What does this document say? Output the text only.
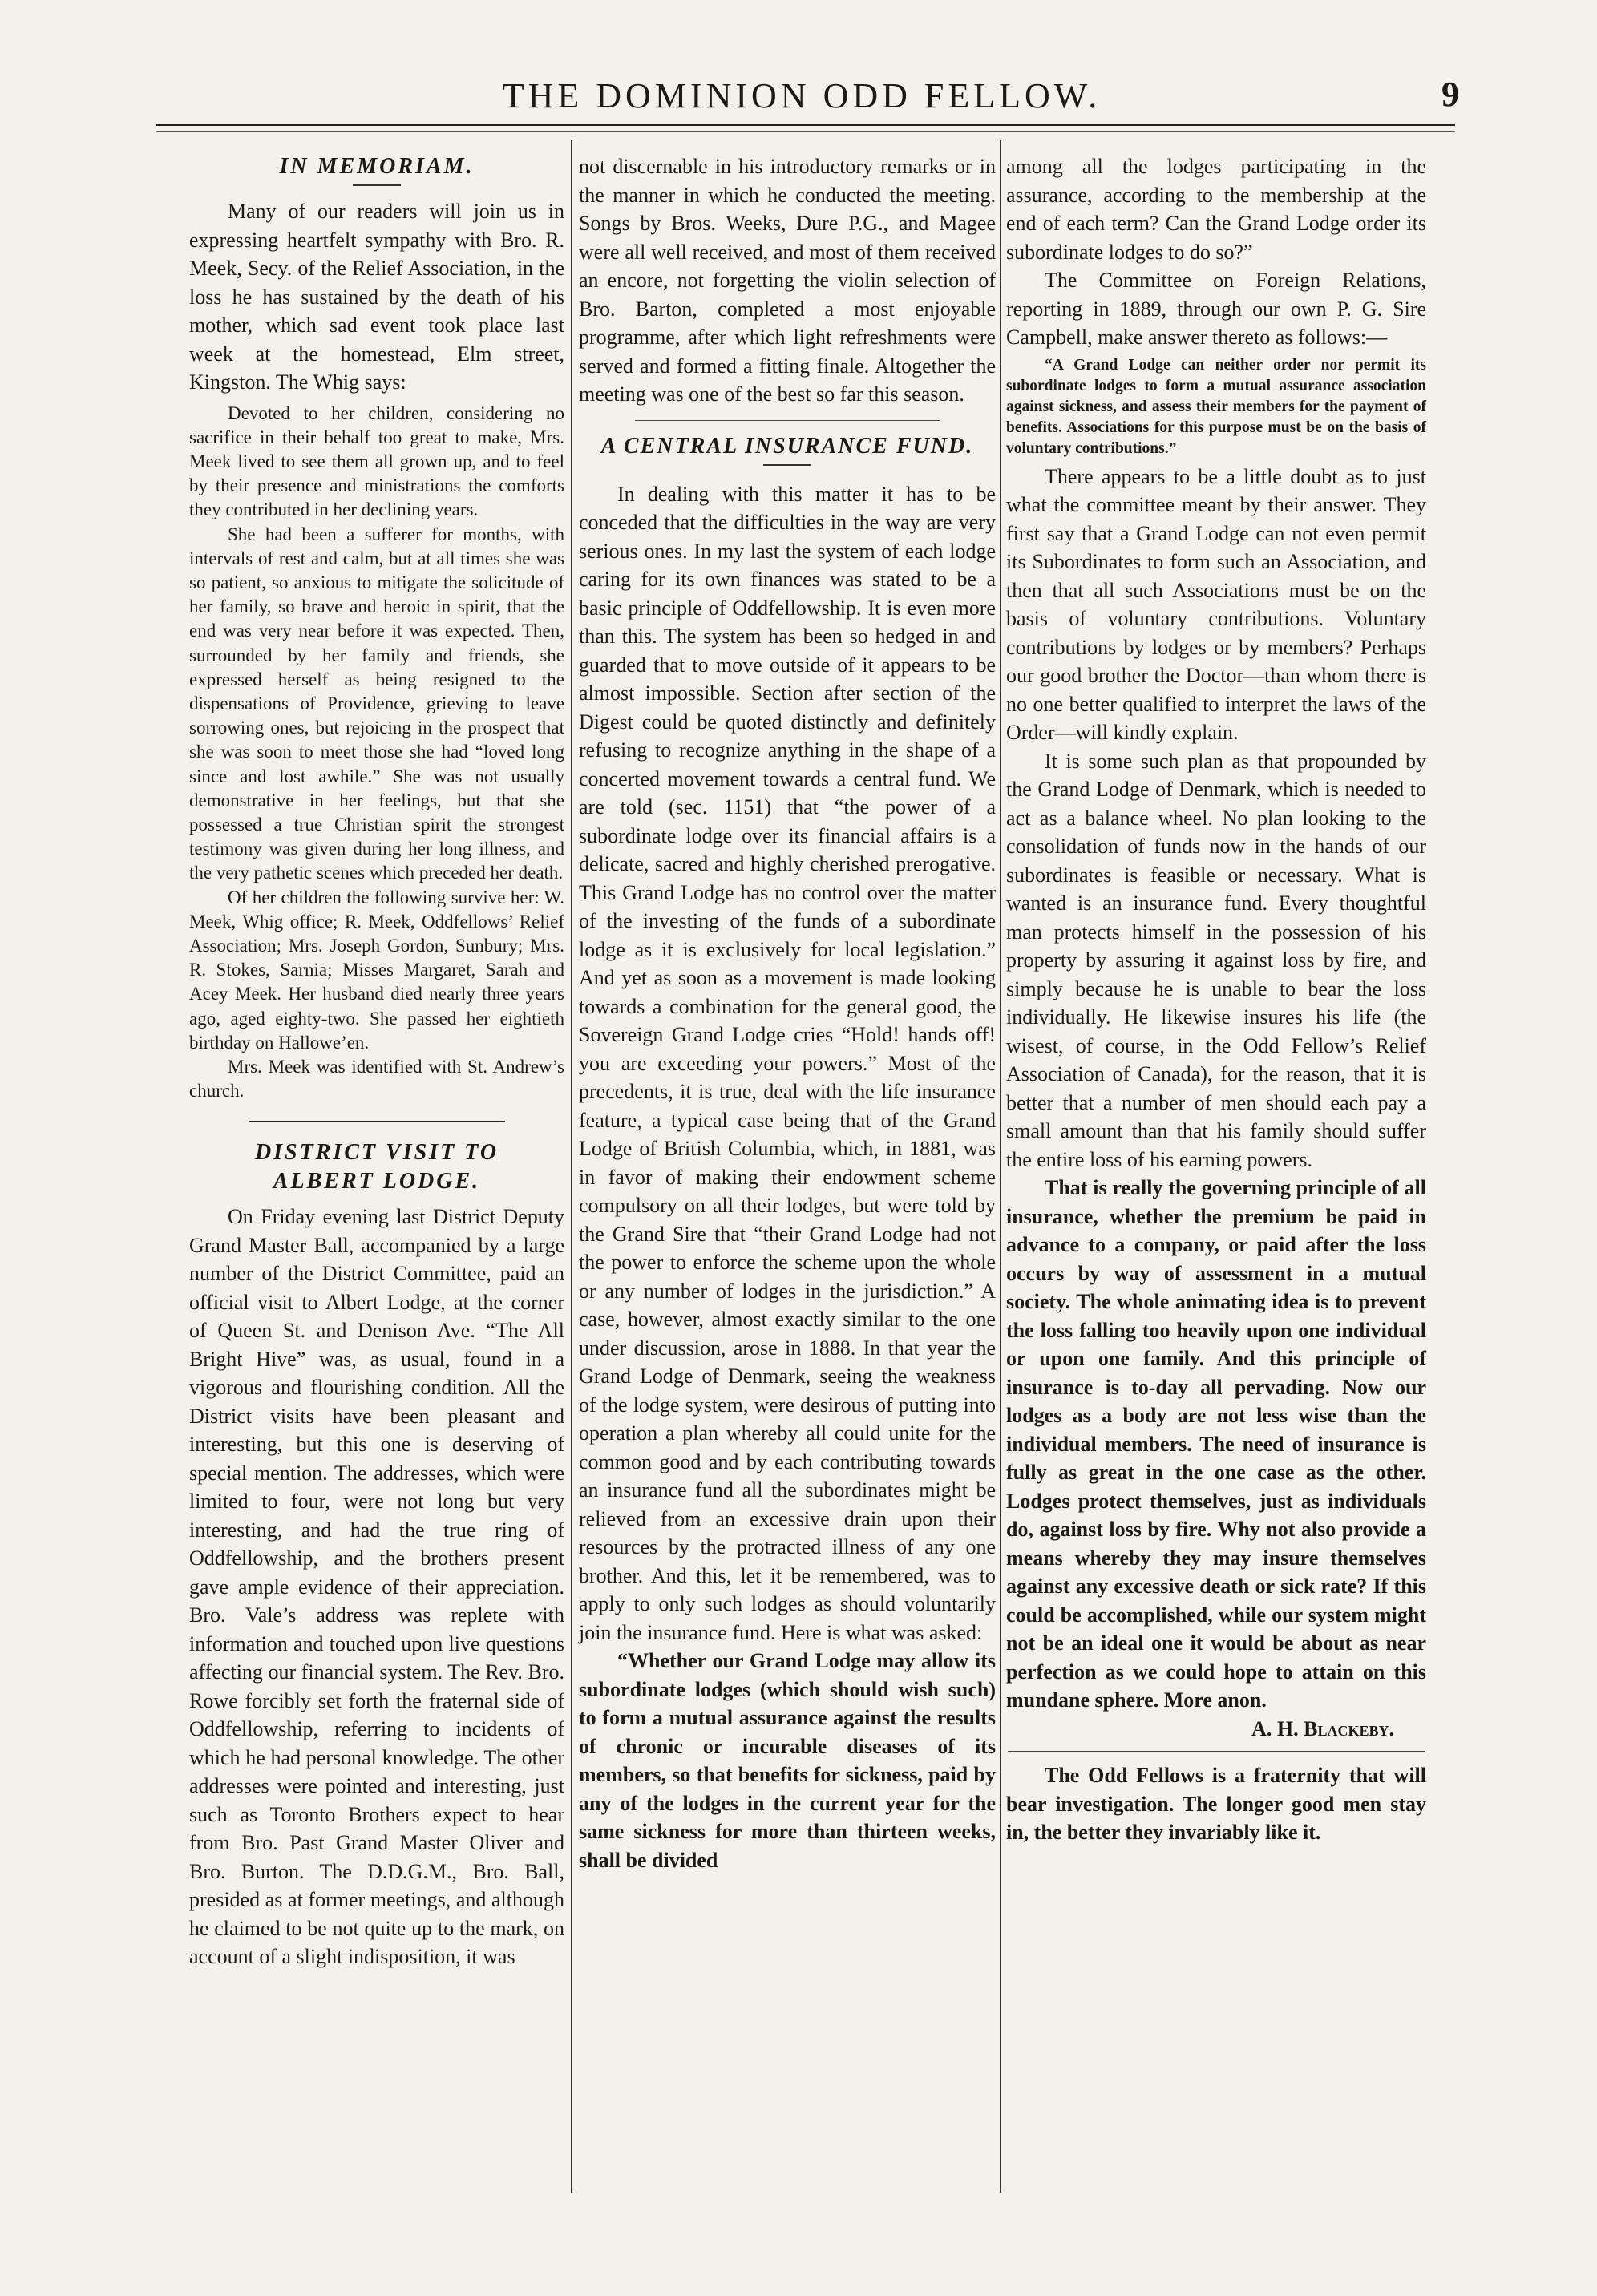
THE DOMINION ODD FELLOW.	9
IN MEMORIAM.

Many of our readers will join us in expressing heartfelt sympathy with Bro. R. Meek, Secy. of the Relief Association, in the loss he has sustained by the death of his mother, which sad event took place last week at the homestead, Elm street, Kingston. The Whig says:

Devoted to her children, considering no sacrifice in their behalf too great to make, Mrs. Meek lived to see them all grown up, and to feel by their presence and ministrations the comforts they contributed in her declining years.

She had been a sufferer for months, with intervals of rest and calm, but at all times she was so patient, so anxious to mitigate the solicitude of her family, so brave and heroic in spirit, that the end was very near before it was expected. Then, surrounded by her family and friends, she expressed herself as being resigned to the dispensations of Providence, grieving to leave sorrowing ones, but rejoicing in the prospect that she was soon to meet those she had “loved long since and lost awhile.” She was not usually demonstrative in her feelings, but that she possessed a true Christian spirit the strongest testimony was given during her long illness, and the very pathetic scenes which preceded her death.

Of her children the following survive her: W. Meek, Whig office; R. Meek, Oddfellows’ Relief Association; Mrs. Joseph Gordon, Sunbury; Mrs. R. Stokes, Sarnia; Misses Margaret, Sarah and Acey Meek. Her husband died nearly three years ago, aged eighty-two. She passed her eightieth birthday on Hallowe’en.

Mrs. Meek was identified with St. Andrew’s church.

DISTRICT VISIT TO ALBERT LODGE.

On Friday evening last District Deputy Grand Master Ball, accompanied by a large number of the District Committee, paid an official visit to Albert Lodge, at the corner of Queen St. and Denison Ave. “The All Bright Hive” was, as usual, found in a vigorous and flourishing condition. All the District visits have been pleasant and interesting, but this one is deserving of special mention. The addresses, which were limited to four, were not long but very interesting, and had the true ring of Oddfellowship, and the brothers present gave ample evidence of their appreciation. Bro. Vale’s address was replete with information and touched upon live questions affecting our financial system. The Rev. Bro. Rowe forcibly set forth the fraternal side of Oddfellowship, referring to incidents of which he had personal knowledge. The other addresses were pointed and interesting, just such as Toronto Brothers expect to hear from Bro. Past Grand Master Oliver and Bro. Burton. The D.D.G.M., Bro. Ball, presided as at former meetings, and although he claimed to be not quite up to the mark, on account of a slight indisposition, it was

not discernable in his introductory remarks or in the manner in which he conducted the meeting. Songs by Bros. Weeks, Dure P.G., and Magee were all well received, and most of them received an encore, not forgetting the violin selection of Bro. Barton, completed a most enjoyable programme, after which light refreshments were served and formed a fitting finale. Altogether the meeting was one of the best so far this season.

A CENTRAL INSURANCE FUND.

In dealing with this matter it has to be conceded that the difficulties in the way are very serious ones. In my last the system of each lodge caring for its own finances was stated to be a basic principle of Oddfellowship. It is even more than this. The system has been so hedged in and guarded that to move outside of it appears to be almost impossible. Section after section of the Digest could be quoted distinctly and definitely refusing to recognize anything in the shape of a concerted movement towards a central fund. We are told (sec. 1151) that “the power of a subordinate lodge over its financial affairs is a delicate, sacred and highly cherished prerogative. This Grand Lodge has no control over the matter of the investing of the funds of a subordinate lodge as it is exclusively for local legislation.” And yet as soon as a movement is made looking towards a combination for the general good, the Sovereign Grand Lodge cries “Hold! hands off! you are exceeding your powers.” Most of the precedents, it is true, deal with the life insurance feature, a typical case being that of the Grand Lodge of British Columbia, which, in 1881, was in favor of making their endowment scheme compulsory on all their lodges, but were told by the Grand Sire that “their Grand Lodge had not the power to enforce the scheme upon the whole or any number of lodges in the jurisdiction.” A case, however, almost exactly similar to the one under discussion, arose in 1888. In that year the Grand Lodge of Denmark, seeing the weakness of the lodge system, were desirous of putting into operation a plan whereby all could unite for the common good and by each contributing towards an insurance fund all the subordinates might be relieved from an excessive drain upon their resources by the protracted illness of any one brother. And this, let it be remembered, was to apply to only such lodges as should voluntarily join the insurance fund. Here is what was asked:

“Whether our Grand Lodge may allow its subordinate lodges (which should wish such) to form a mutual assurance against the results of chronic or incurable diseases of its members, so that benefits for sickness, paid by any of the lodges in the current year for the same sickness for more than thirteen weeks, shall be divided

among all the lodges participating in the assurance, according to the membership at the end of each term? Can the Grand Lodge order its subordinate lodges to do so?”

The Committee on Foreign Relations, reporting in 1889, through our own P. G. Sire Campbell, make answer thereto as follows:—

“A Grand Lodge can neither order nor permit its subordinate lodges to form a mutual assurance association against sickness, and assess their members for the payment of benefits. Associations for this purpose must be on the basis of voluntary contributions.”

There appears to be a little doubt as to just what the committee meant by their answer. They first say that a Grand Lodge can not even permit its Subordinates to form such an Association, and then that all such Associations must be on the basis of voluntary contributions. Voluntary contributions by lodges or by members? Perhaps our good brother the Doctor—than whom there is no one better qualified to interpret the laws of the Order—will kindly explain.

It is some such plan as that propounded by the Grand Lodge of Denmark, which is needed to act as a balance wheel. No plan looking to the consolidation of funds now in the hands of our subordinates is feasible or necessary. What is wanted is an insurance fund. Every thoughtful man protects himself in the possession of his property by assuring it against loss by fire, and simply because he is unable to bear the loss individually. He likewise insures his life (the wisest, of course, in the Odd Fellow’s Relief Association of Canada), for the reason, that it is better that a number of men should each pay a small amount than that his family should suffer the entire loss of his earning powers.

That is really the governing principle of all insurance, whether the premium be paid in advance to a company, or paid after the loss occurs by way of assessment in a mutual society. The whole animating idea is to prevent the loss falling too heavily upon one individual or upon one family. And this principle of insurance is to-day all pervading. Now our lodges as a body are not less wise than the individual members. The need of insurance is fully as great in the one case as the other. Lodges protect themselves, just as individuals do, against loss by fire. Why not also provide a means whereby they may insure themselves against any excessive death or sick rate? If this could be accomplished, while our system might not be an ideal one it would be about as near perfection as we could hope to attain on this mundane sphere. More anon.

A. H. Blackeby.

The Odd Fellows is a fraternity that will bear investigation. The longer good men stay in, the better they invariably like it.
